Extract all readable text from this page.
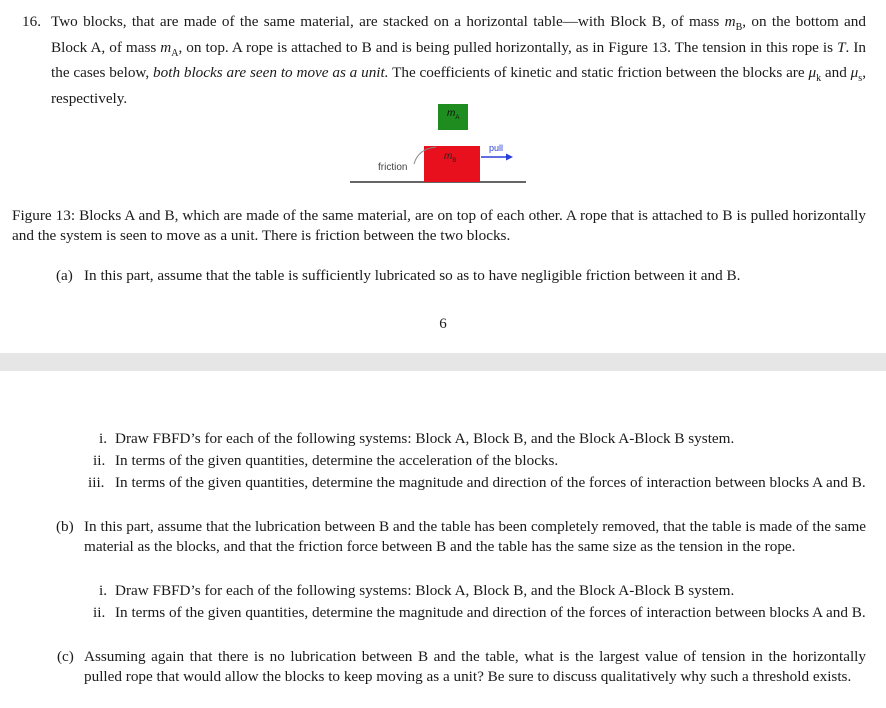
16. Two blocks, that are made of the same material, are stacked on a horizontal table—with Block B, of mass $m_B$, on the bottom and Block A, of mass $m_A$, on top. A rope is attached to B and is being pulled horizontally, as in Figure 13. The tension in this rope is T. In the cases below, both blocks are seen to move as a unit. The coefficients of kinetic and static friction between the blocks are $\mu_k$ and $\mu_s$, respectively.
$m_A$
$m_B$
pull
friction
Figure 13: Blocks A and B, which are made of the same material, are on top of each other. A rope that is attached to B is pulled horizontally and the system is seen to move as a unit. There is friction between the two blocks.
(a) In this part, assume that the table is sufficiently lubricated so as to have negligible friction between it and B.
6
i. Draw FBFD’s for each of the following systems: Block A, Block B, and the Block A-Block B system.
ii. In terms of the given quantities, determine the acceleration of the blocks.
iii. In terms of the given quantities, determine the magnitude and direction of the forces of interaction between blocks A and B.
(b) In this part, assume that the lubrication between B and the table has been completely removed, that the table is made of the same material as the blocks, and that the friction force between B and the table has the same size as the tension in the rope.
i. Draw FBFD’s for each of the following systems: Block A, Block B, and the Block A-Block B system.
ii. In terms of the given quantities, determine the magnitude and direction of the forces of interaction between blocks A and B.
(c) Assuming again that there is no lubrication between B and the table, what is the largest value of tension in the horizontally pulled rope that would allow the blocks to keep moving as a unit? Be sure to discuss qualitatively why such a threshold exists.
